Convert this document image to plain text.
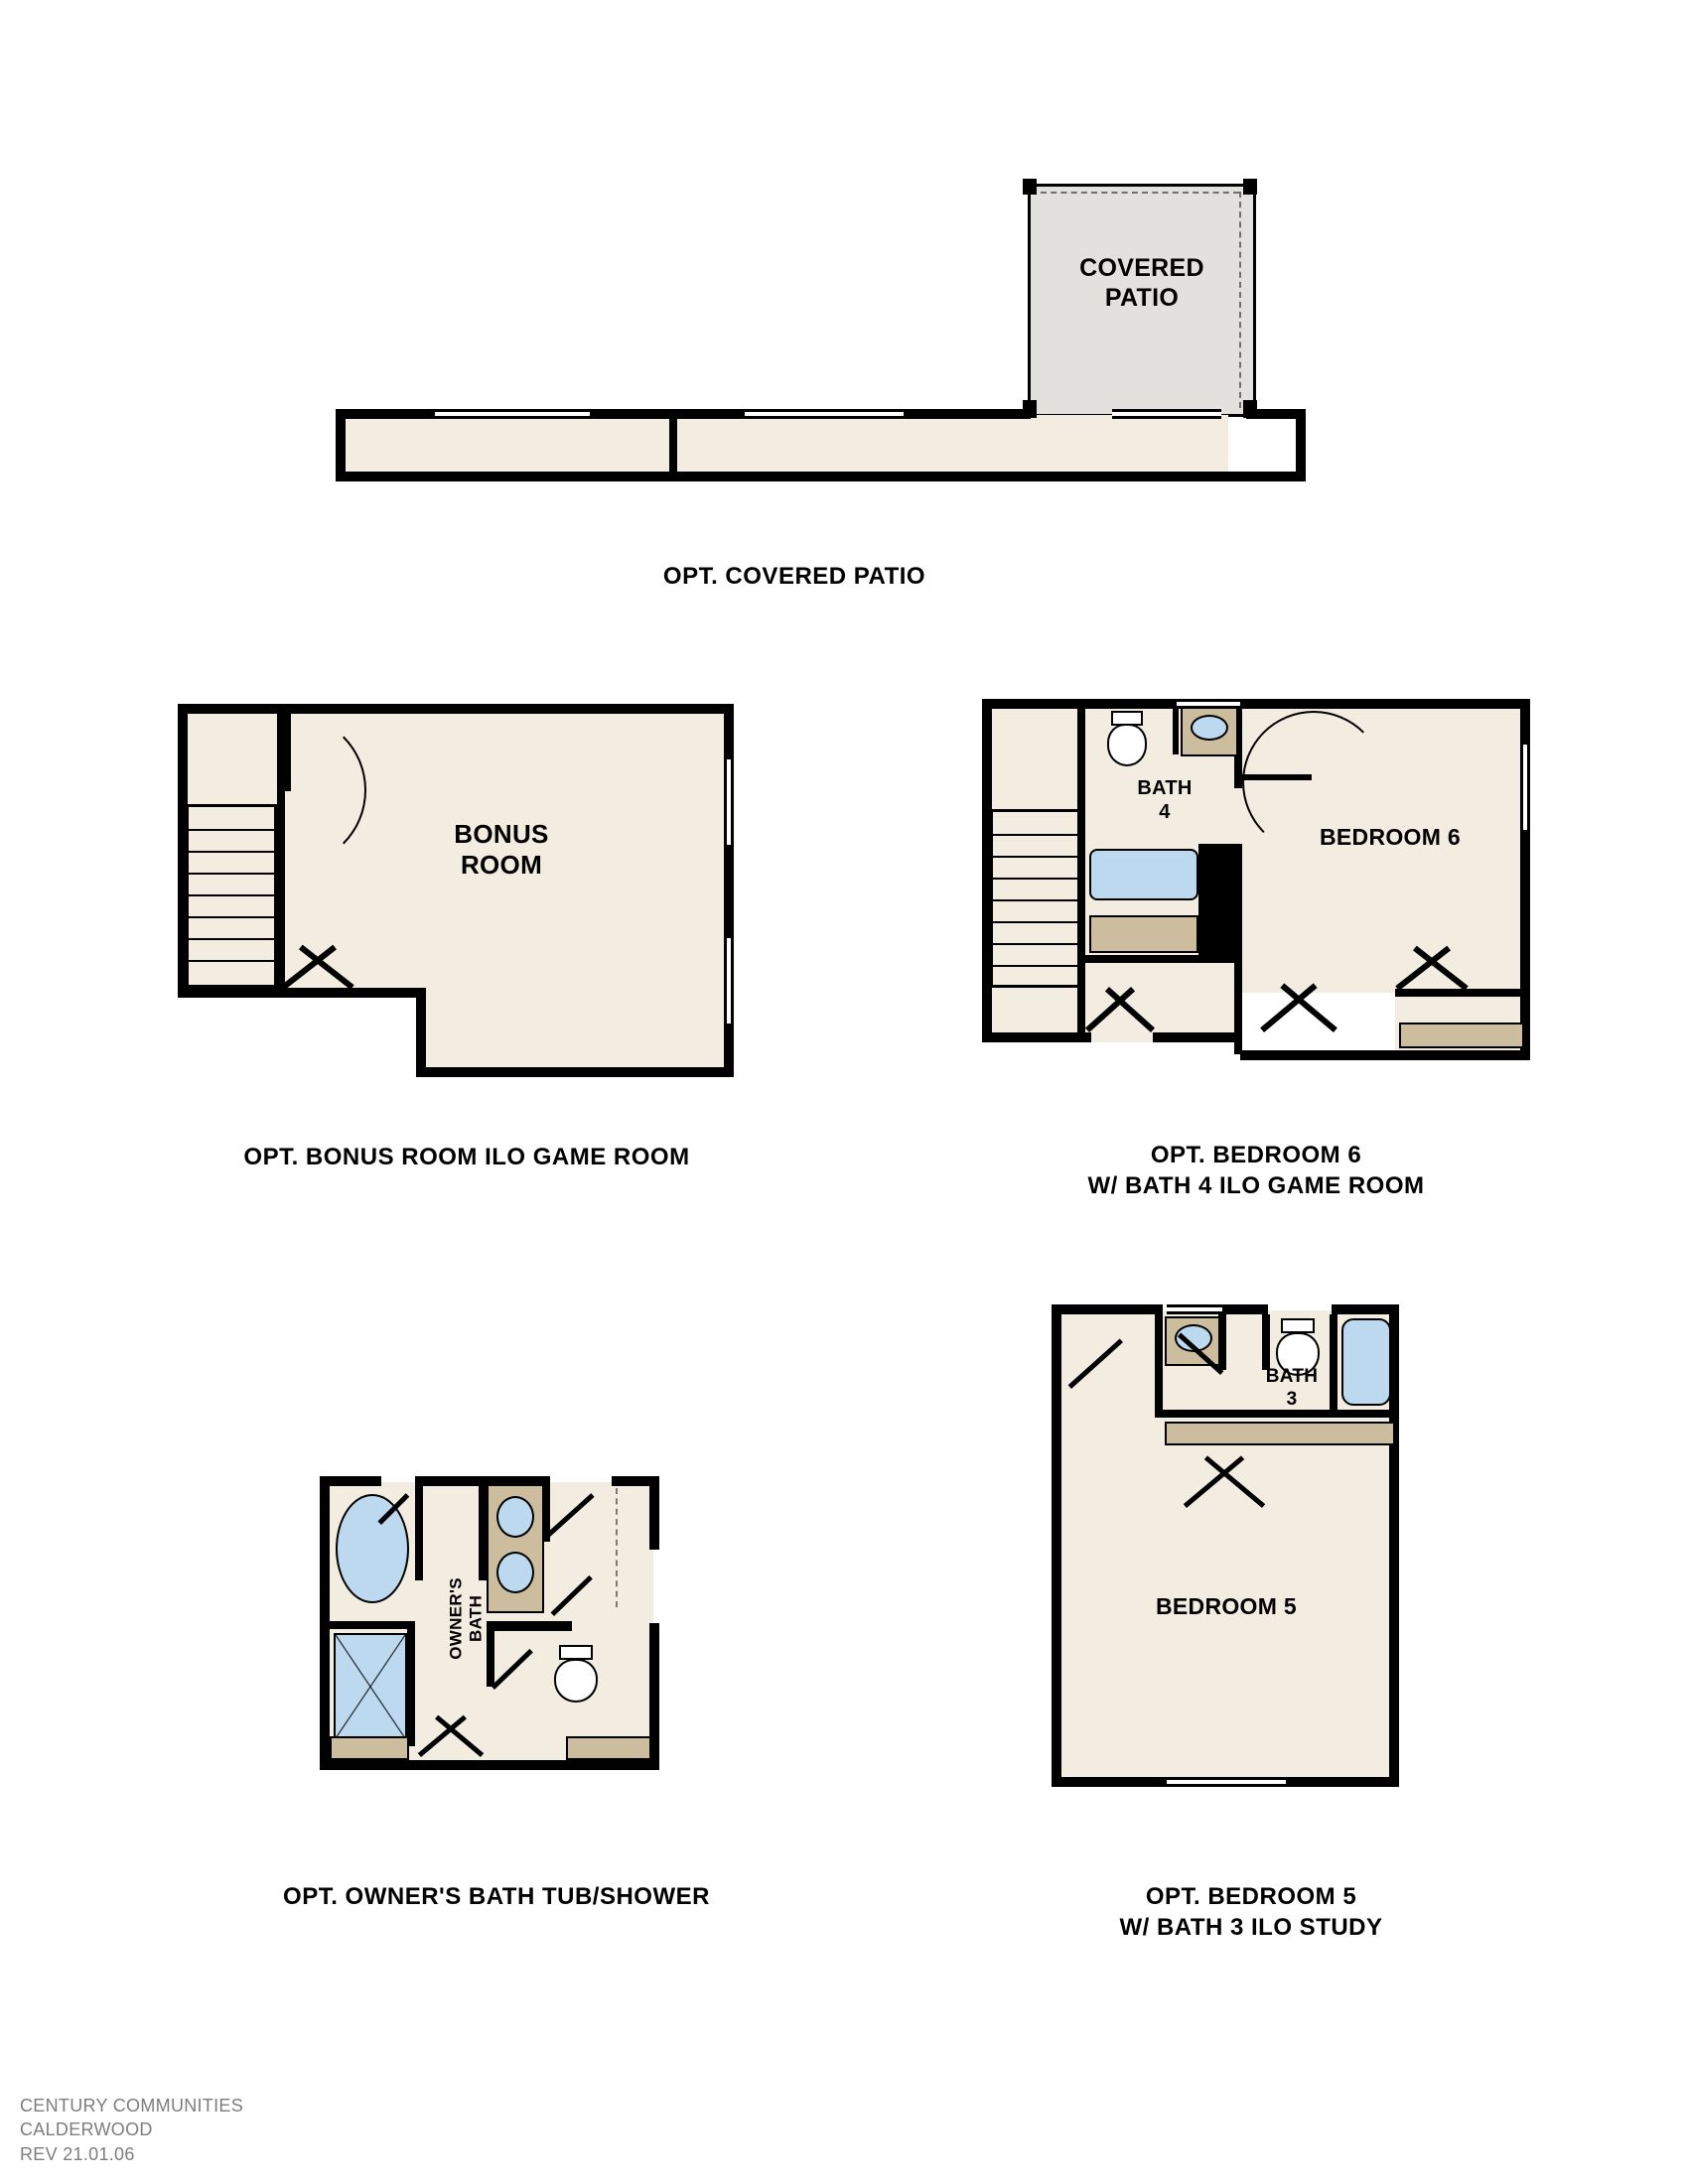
COVERED
PATIO
OPT. COVERED PATIO
BONUS
ROOM
OPT. BONUS ROOM ILO GAME ROOM
BATH
4
BEDROOM 6
OPT. BEDROOM 6
W/ BATH 4 ILO GAME ROOM
OWNER'S BATH
OPT. OWNER'S BATH TUB/SHOWER
BATH
3
BEDROOM 5
OPT. BEDROOM 5
W/ BATH 3 ILO STUDY
CENTURY COMMUNITIES
CALDERWOOD
REV 21.01.06
